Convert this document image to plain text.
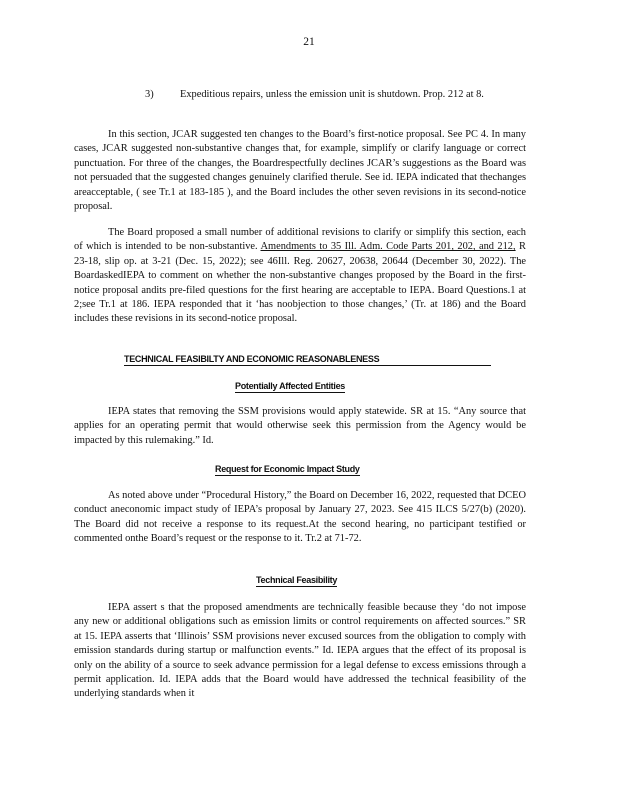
21
3)	Expeditious repairs, unless the emission unit is shutdown. Prop. 212 at 8.
In this section, JCAR suggested ten changes to the Board’s first-notice proposal. See PC 4. In many cases, JCAR suggested non-substantive changes that, for example, simplify or clarify language or correct punctuation. For three of the changes, the Boardrespectfully declines JCAR’s suggestions as the Board was not persuaded that the suggested changes genuinely clarified therule. See id. IEPA indicated that thechanges areacceptable, ( see Tr.1 at 183-185 ), and the Board includes the other seven revisions in its second-notice proposal.
The Board proposed a small number of additional revisions to clarify or simplify this section, each of which is intended to be non-substantive. Amendments to 35 Ill. Adm. Code Parts 201, 202, and 212, R 23-18, slip op. at 3-21 (Dec. 15, 2022); see 46Ill. Reg. 20627, 20638, 20644 (December 30, 2022). The BoardaskedIEPA to comment on whether the non-substantive changes proposed by the Board in the first-notice proposal andits pre-filed questions for the first hearing are acceptable to IEPA. Board Questions.1 at 2;see Tr.1 at 186. IEPA responded that it ‘has noobjection to those changes,’ (Tr. at 186) and the Board includes these revisions in its second-notice proposal.
TECHNICAL FEASIBILTY AND ECONOMIC REASONABLENESS
Potentially Affected Entities
IEPA states that removing the SSM provisions would apply statewide. SR at 15. “Any source that applies for an operating permit that would otherwise seek this permission from the Agency would be impacted by this rulemaking.” Id.
Request for Economic Impact Study
As noted above under “Procedural History,” the Board on December 16, 2022, requested that DCEO conduct aneconomic impact study of IEPA’s proposal by January 27, 2023. See 415 ILCS 5/27(b) (2020). The Board did not receive a response to its request.At the second hearing, no participant testified or commented onthe Board’s request or the response to it. Tr.2 at 71-72.
Technical Feasibility
IEPA assert s that the proposed amendments are technically feasible because they ‘do not impose any new or additional obligations such as emission limits or control requirements on affected sources.” SR at 15. IEPA asserts that ‘Illinois’ SSM provisions never excused sources from the obligation to comply with emission standards during startup or malfunction events.” Id. IEPA argues that the effect of its proposal is only on the ability of a source to seek advance permission for a legal defense to excess emissions through a permit application. Id. IEPA adds that the Board would have addressed the technical feasibility of the underlying standards when it
